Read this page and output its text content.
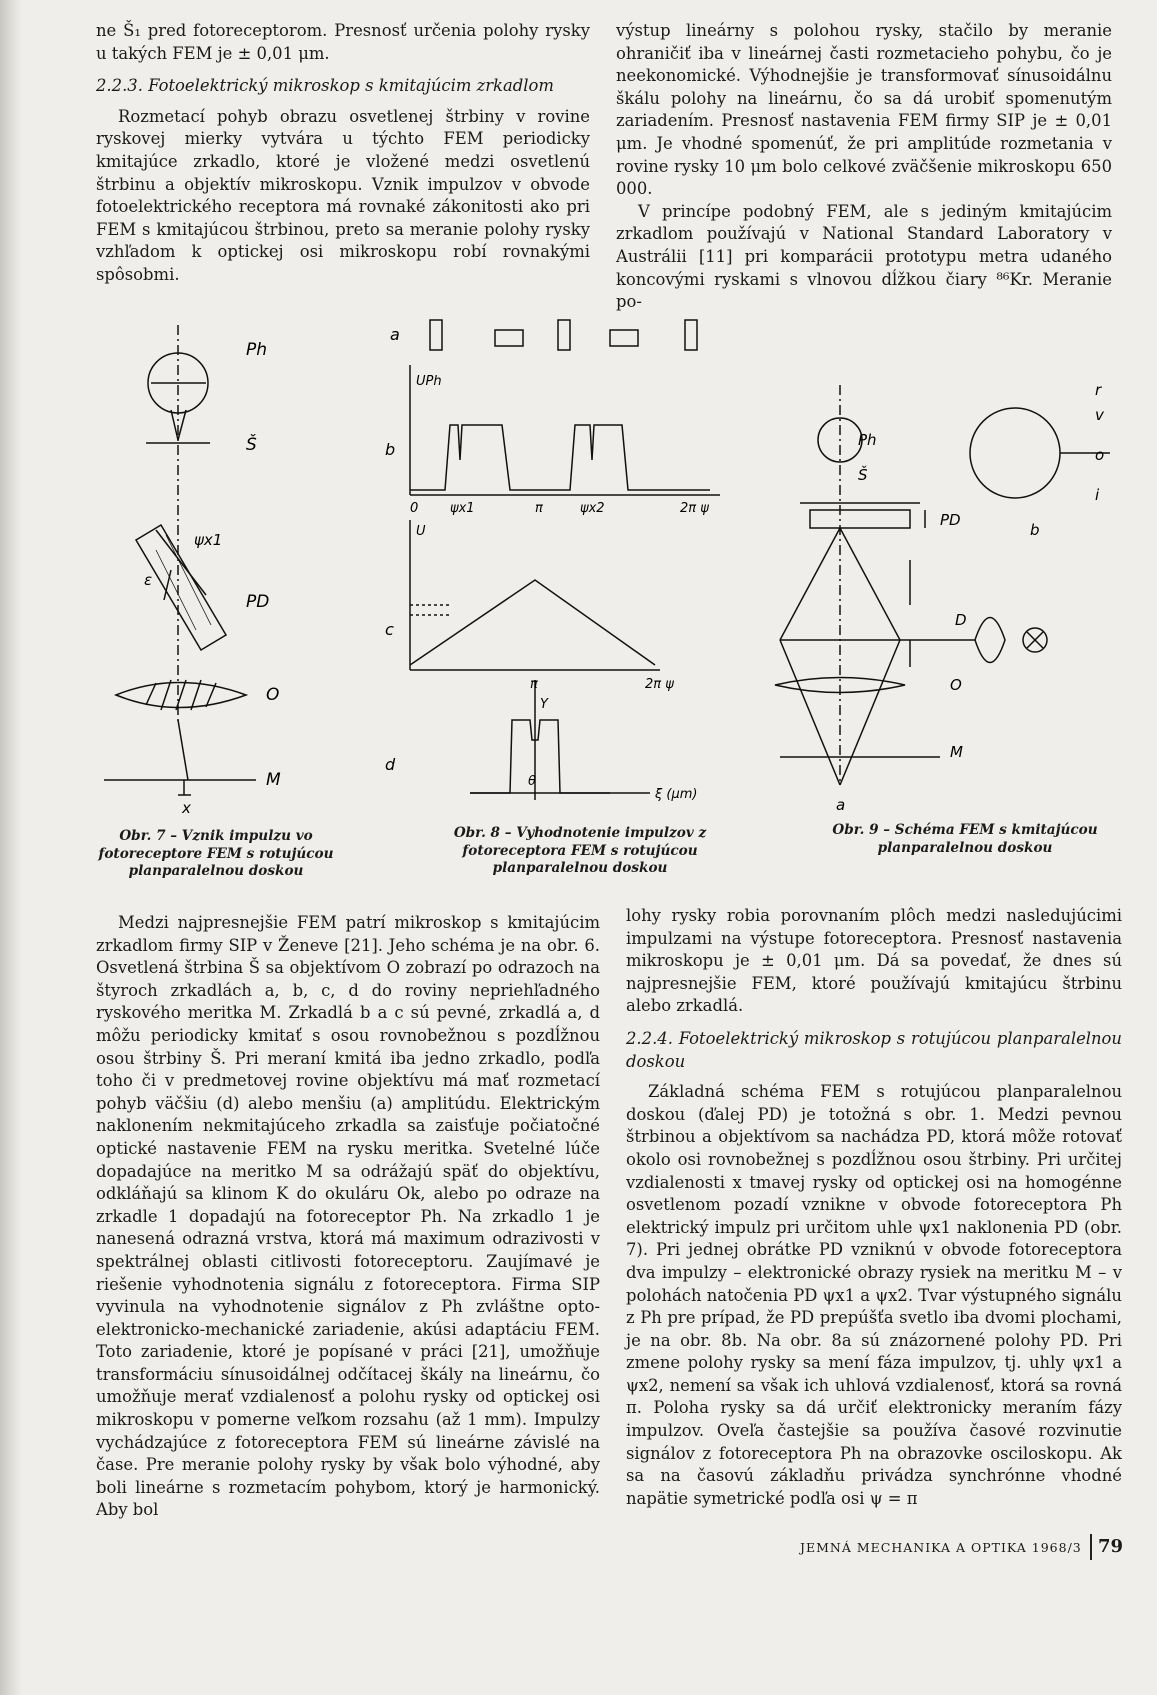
ne Š₁ pred fotoreceptorom. Presnosť určenia polohy rysky u takých FEM je ± 0,01 μm.

2.2.3. Fotoelektrický mikroskop s kmitajúcim zrkadlom

Rozmetací pohyb obrazu osvetlenej štrbiny v rovine ryskovej mierky vytvára u týchto FEM periodicky kmitajúce zrkadlo, ktoré je vložené medzi osvetlenú štrbinu a objektív mikroskopu. Vznik impulzov v obvode fotoelektrického receptora má rovnaké zákonitosti ako pri FEM s kmitajúcou štrbinou, preto sa meranie polohy rysky vzhľadom k optickej osi mikroskopu robí rovnakými spôsobmi.

výstup lineárny s polohou rysky, stačilo by meranie ohraničiť iba v lineárnej časti rozmetacieho pohybu, čo je neekonomické. Výhodnejšie je transformovať sínusoidálnu škálu polohy na lineárnu, čo sa dá urobiť spomenutým zariadením. Presnosť nastavenia FEM firmy SIP je ± 0,01 μm. Je vhodné spomenúť, že pri amplitúde rozmetania v rovine rysky 10 μm bolo celkové zväčšenie mikroskopu 650 000.

V princípe podobný FEM, ale s jediným kmitajúcim zrkadlom používajú v National Standard Laboratory v Austrálii [11] pri komparácii prototypu metra udaného koncovými ryskami s vlnovou dĺžkou čiary ⁸⁶Kr. Meranie po-

Ph
Š
ψx1
ε
PD
O
M
x
a
b
c
d
UPh
0 ψx1	π	ψx2	2π ψ
U
π	2π ψ
Y
θ
ξ (μm)
Ph
Š
PD
D
O
M
a
b
r
v
o
i
Obr. 7 – Vznik impulzu vo fotoreceptore FEM s rotujúcou planparalelnou doskou
Obr. 8 – Vyhodnotenie impulzov z fotoreceptora FEM s rotujúcou planparalelnou doskou
Obr. 9 – Schéma FEM s kmitajúcou planparalelnou doskou

Medzi najpresnejšie FEM patrí mikroskop s kmitajúcim zrkadlom firmy SIP v Ženeve [21]. Jeho schéma je na obr. 6. Osvetlená štrbina Š sa objektívom O zobrazí po odrazoch na štyroch zrkadlách a, b, c, d do roviny nepriehľadného ryskového meritka M. Zrkadlá b a c sú pevné, zrkadlá a, d môžu periodicky kmitať s osou rovnobežnou s pozdĺžnou osou štrbiny Š. Pri meraní kmitá iba jedno zrkadlo, podľa toho či v predmetovej rovine objektívu má mať rozmetací pohyb väčšiu (d) alebo menšiu (a) amplitúdu. Elektrickým naklonením nekmitajúceho zrkadla sa zaisťuje počiatočné optické nastavenie FEM na rysku meritka. Svetelné lúče dopadajúce na meritko M sa odrážajú späť do objektívu, odkláňajú sa klinom K do okuláru Ok, alebo po odraze na zrkadle 1 dopadajú na fotoreceptor Ph. Na zrkadlo 1 je nanesená odrazná vrstva, ktorá má maximum odrazivosti v spektrálnej oblasti citlivosti fotoreceptoru. Zaujímavé je riešenie vyhodnotenia signálu z fotoreceptora. Firma SIP vyvinula na vyhodnotenie signálov z Ph zvláštne opto-elektronicko-mechanické zariadenie, akúsi adaptáciu FEM. Toto zariadenie, ktoré je popísané v práci [21], umožňuje transformáciu sínusoidálnej odčítacej škály na lineárnu, čo umožňuje merať vzdialenosť a polohu rysky od optickej osi mikroskopu v pomerne veľkom rozsahu (až 1 mm). Impulzy vychádzajúce z fotoreceptora FEM sú lineárne závislé na čase. Pre meranie polohy rysky by však bolo výhodné, aby boli lineárne s rozmetacím pohybom, ktorý je harmonický. Aby bol

lohy rysky robia porovnaním plôch medzi nasledujúcimi impulzami na výstupe fotoreceptora. Presnosť nastavenia mikroskopu je ± 0,01 μm. Dá sa povedať, že dnes sú najpresnejšie FEM, ktoré používajú kmitajúcu štrbinu alebo zrkadlá.

2.2.4. Fotoelektrický mikroskop s rotujúcou planparalelnou doskou

Základná schéma FEM s rotujúcou planparalelnou doskou (ďalej PD) je totožná s obr. 1. Medzi pevnou štrbinou a objektívom sa nachádza PD, ktorá môže rotovať okolo osi rovnobežnej s pozdĺžnou osou štrbiny. Pri určitej vzdialenosti x tmavej rysky od optickej osi na homogénne osvetlenom pozadí vznikne v obvode fotoreceptora Ph elektrický impulz pri určitom uhle ψx1 naklonenia PD (obr. 7). Pri jednej obrátke PD vzniknú v obvode fotoreceptora dva impulzy – elektronické obrazy rysiek na meritku M – v polohách natočenia PD ψx1 a ψx2. Tvar výstupného signálu z Ph pre prípad, že PD prepúšťa svetlo iba dvomi plochami, je na obr. 8b. Na obr. 8a sú znázornené polohy PD. Pri zmene polohy rysky sa mení fáza impulzov, tj. uhly ψx1 a ψx2, nemení sa však ich uhlová vzdialenosť, ktorá sa rovná π. Poloha rysky sa dá určiť elektronicky meraním fázy impulzov. Oveľa častejšie sa používa časové rozvinutie signálov z fotoreceptora Ph na obrazovke osciloskopu. Ak sa na časovú základňu privádza synchrónne vhodné napätie symetrické podľa osi ψ = π

JEMNÁ MECHANIKA A OPTIKA 1968/3 79
